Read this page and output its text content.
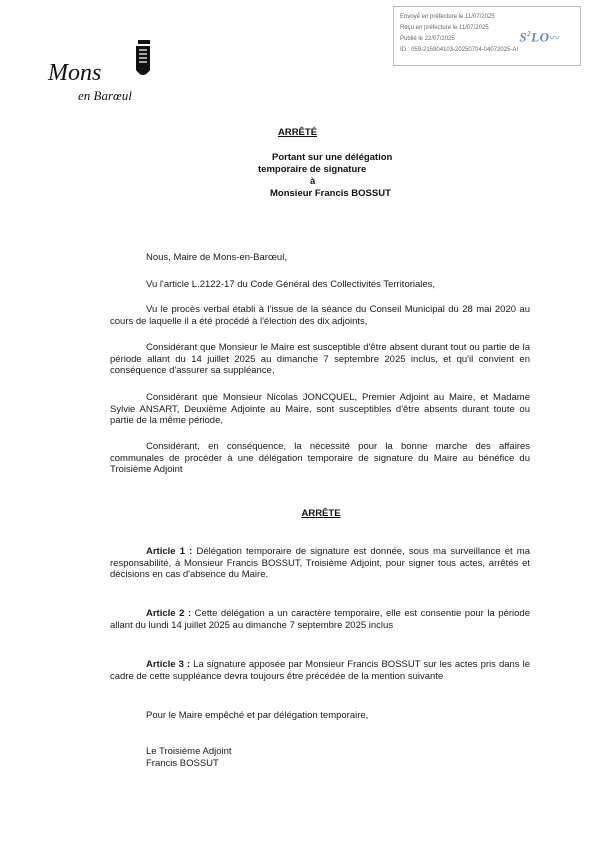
Envoyé en préfecture le 11/07/2025
Reçu en préfecture le 11/07/2025
Publié le 22/07/2025
ID : 059-215904103-20250704-04072025-AI
$S^2LO$〰
Mons
en Barœul
ARRÊTÉ
Portant sur une délégation
temporaire de signature
à
Monsieur Francis BOSSUT
Nous, Maire de Mons-en-Barœul,
Vu l'article L.2122-17 du Code Général des Collectivités Territoriales,
Vu le procès verbal établi à l'issue de la séance du Conseil Municipal du 28 mai 2020 au cours de laquelle il a été procédé à l'élection des dix adjoints,
Considérant que Monsieur le Maire est susceptible d'être absent durant tout ou partie de la période allant du 14 juillet 2025 au dimanche 7 septembre 2025 inclus, et qu'il convient en conséquence d'assurer sa suppléance,
Considérant que Monsieur Nicolas JONCQUEL, Premier Adjoint au Maire, et Madame Sylvie ANSART, Deuxième Adjointe au Maire, sont susceptibles d'être absents durant toute ou partie de la même période,
Considérant, en conséquence, la nécessité pour la bonne marche des affaires communales de procéder à une délégation temporaire de signature du Maire au bénéfice du Troisième Adjoint
ARRÊTE
Article 1 : Délégation temporaire de signature est donnée, sous ma surveillance et ma responsabilité, à Monsieur Francis BOSSUT, Troisième Adjoint, pour signer tous actes, arrêtés et décisions en cas d'absence du Maire.
Article 2 : Cette délégation a un caractère temporaire, elle est consentie pour la période allant du lundi 14 juillet 2025 au dimanche 7 septembre 2025 inclus
Article 3 : La signature apposée par Monsieur Francis BOSSUT sur les actes pris dans le cadre de cette suppléance devra toujours être précédée de la mention suivante
Pour le Maire empêché et par délégation temporaire,
Le Troisième Adjoint
Francis BOSSUT
